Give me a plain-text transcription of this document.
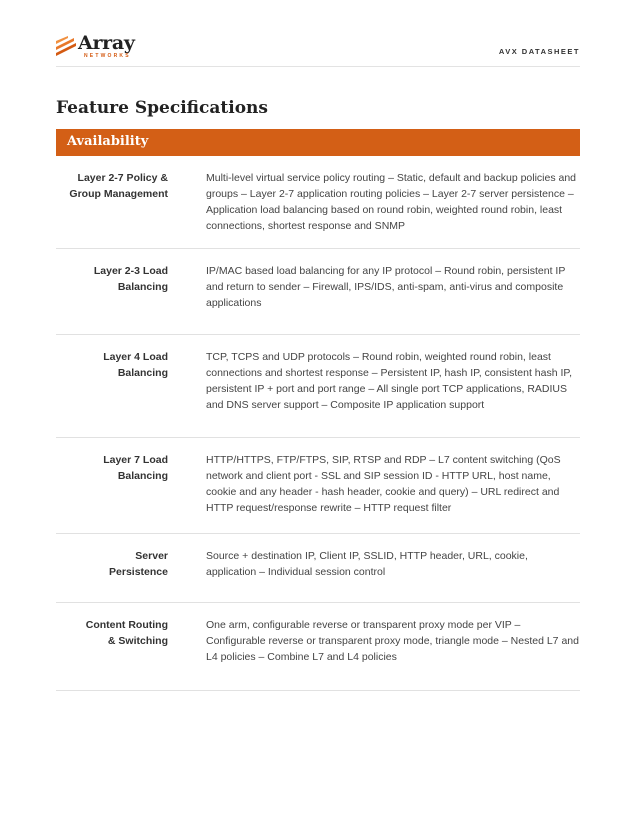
Array
NETWORKS	AVX DATASHEET
Feature Specifications
Availability
Layer 2-7 Policy &
Group Management
Multi-level virtual service policy routing – Static, default and backup policies and groups – Layer 2-7 application routing policies – Layer 2-7 server persistence – Application load balancing based on round robin, weighted round robin, least connections, shortest response and SNMP
Layer 2-3 Load
Balancing
IP/MAC based load balancing for any IP protocol – Round robin, persistent IP and return to sender – Firewall, IPS/IDS, anti-spam, anti-virus and composite applications
Layer 4 Load
Balancing
TCP, TCPS and UDP protocols – Round robin, weighted round robin, least connections and shortest response – Persistent IP, hash IP, consistent hash IP, persistent IP + port and port range – All single port TCP applications, RADIUS and DNS server support – Composite IP application support
Layer 7 Load
Balancing
HTTP/HTTPS, FTP/FTPS, SIP, RTSP and RDP – L7 content switching (QoS network and client port - SSL and SIP session ID - HTTP URL, host name, cookie and any header - hash header, cookie and query) – URL redirect and HTTP request/response rewrite – HTTP request filter
Server
Persistence
Source + destination IP, Client IP, SSLID, HTTP header, URL, cookie, application – Individual session control
Content Routing
& Switching
One arm, configurable reverse or transparent proxy mode per VIP – Configurable reverse or transparent proxy mode, triangle mode – Nested L7 and L4 policies – Combine L7 and L4 policies
